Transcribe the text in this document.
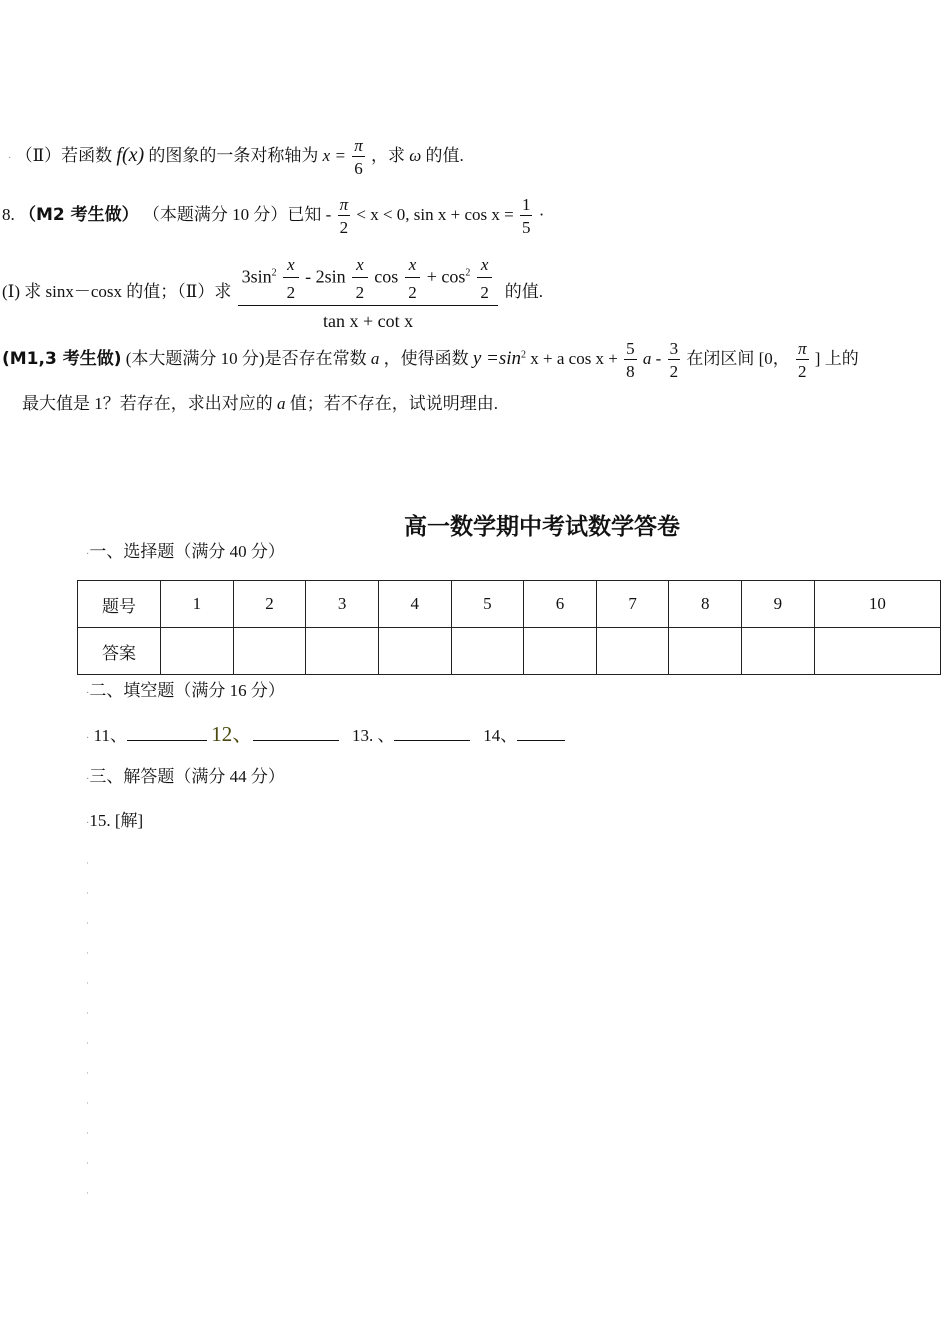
· （Ⅱ）若函数 f(x) 的图象的一条对称轴为 $x = \frac{\pi}{6}$ ，求 ω 的值.
8. （M2 考生做） （本题满分 10 分）已知 - $\frac{\pi}{2} < x < 0$, $\sin x + \cos x = \frac{1}{5}$ ·
(Ⅰ) 求 sinx－cosx 的值；（Ⅱ）求
$3\sin^2 \frac{x}{2} - 2\sin \frac{x}{2}$ $\cos \frac{x}{2} + \cos^2 \frac{x}{2}$
tan x + cot x
的值.
(M1,3 考生做) (本大题满分 10 分)是否存在常数 a ，使得函数 $y =\sin^2$ x + a $\cos x + \frac{5}{8}$ a - $\frac{3}{2}$ 在闭区间 [0， $\frac{\pi}{2}$ ] 上的
最大值是 1？若存在，求出对应的 a 值；若不存在，试说明理由.
高一数学期中考试数学答卷
·一、选择题（满分 40 分）
题号	1	2	3	4	5	6	7	8	9	10
答案										
·二、填空题（满分 16 分）
· 11、	12、	13. 、	14、
·三、解答题（满分 44 分）
·15. [解]
·
·
·
·
·
·
·
·
·
·
·
·
